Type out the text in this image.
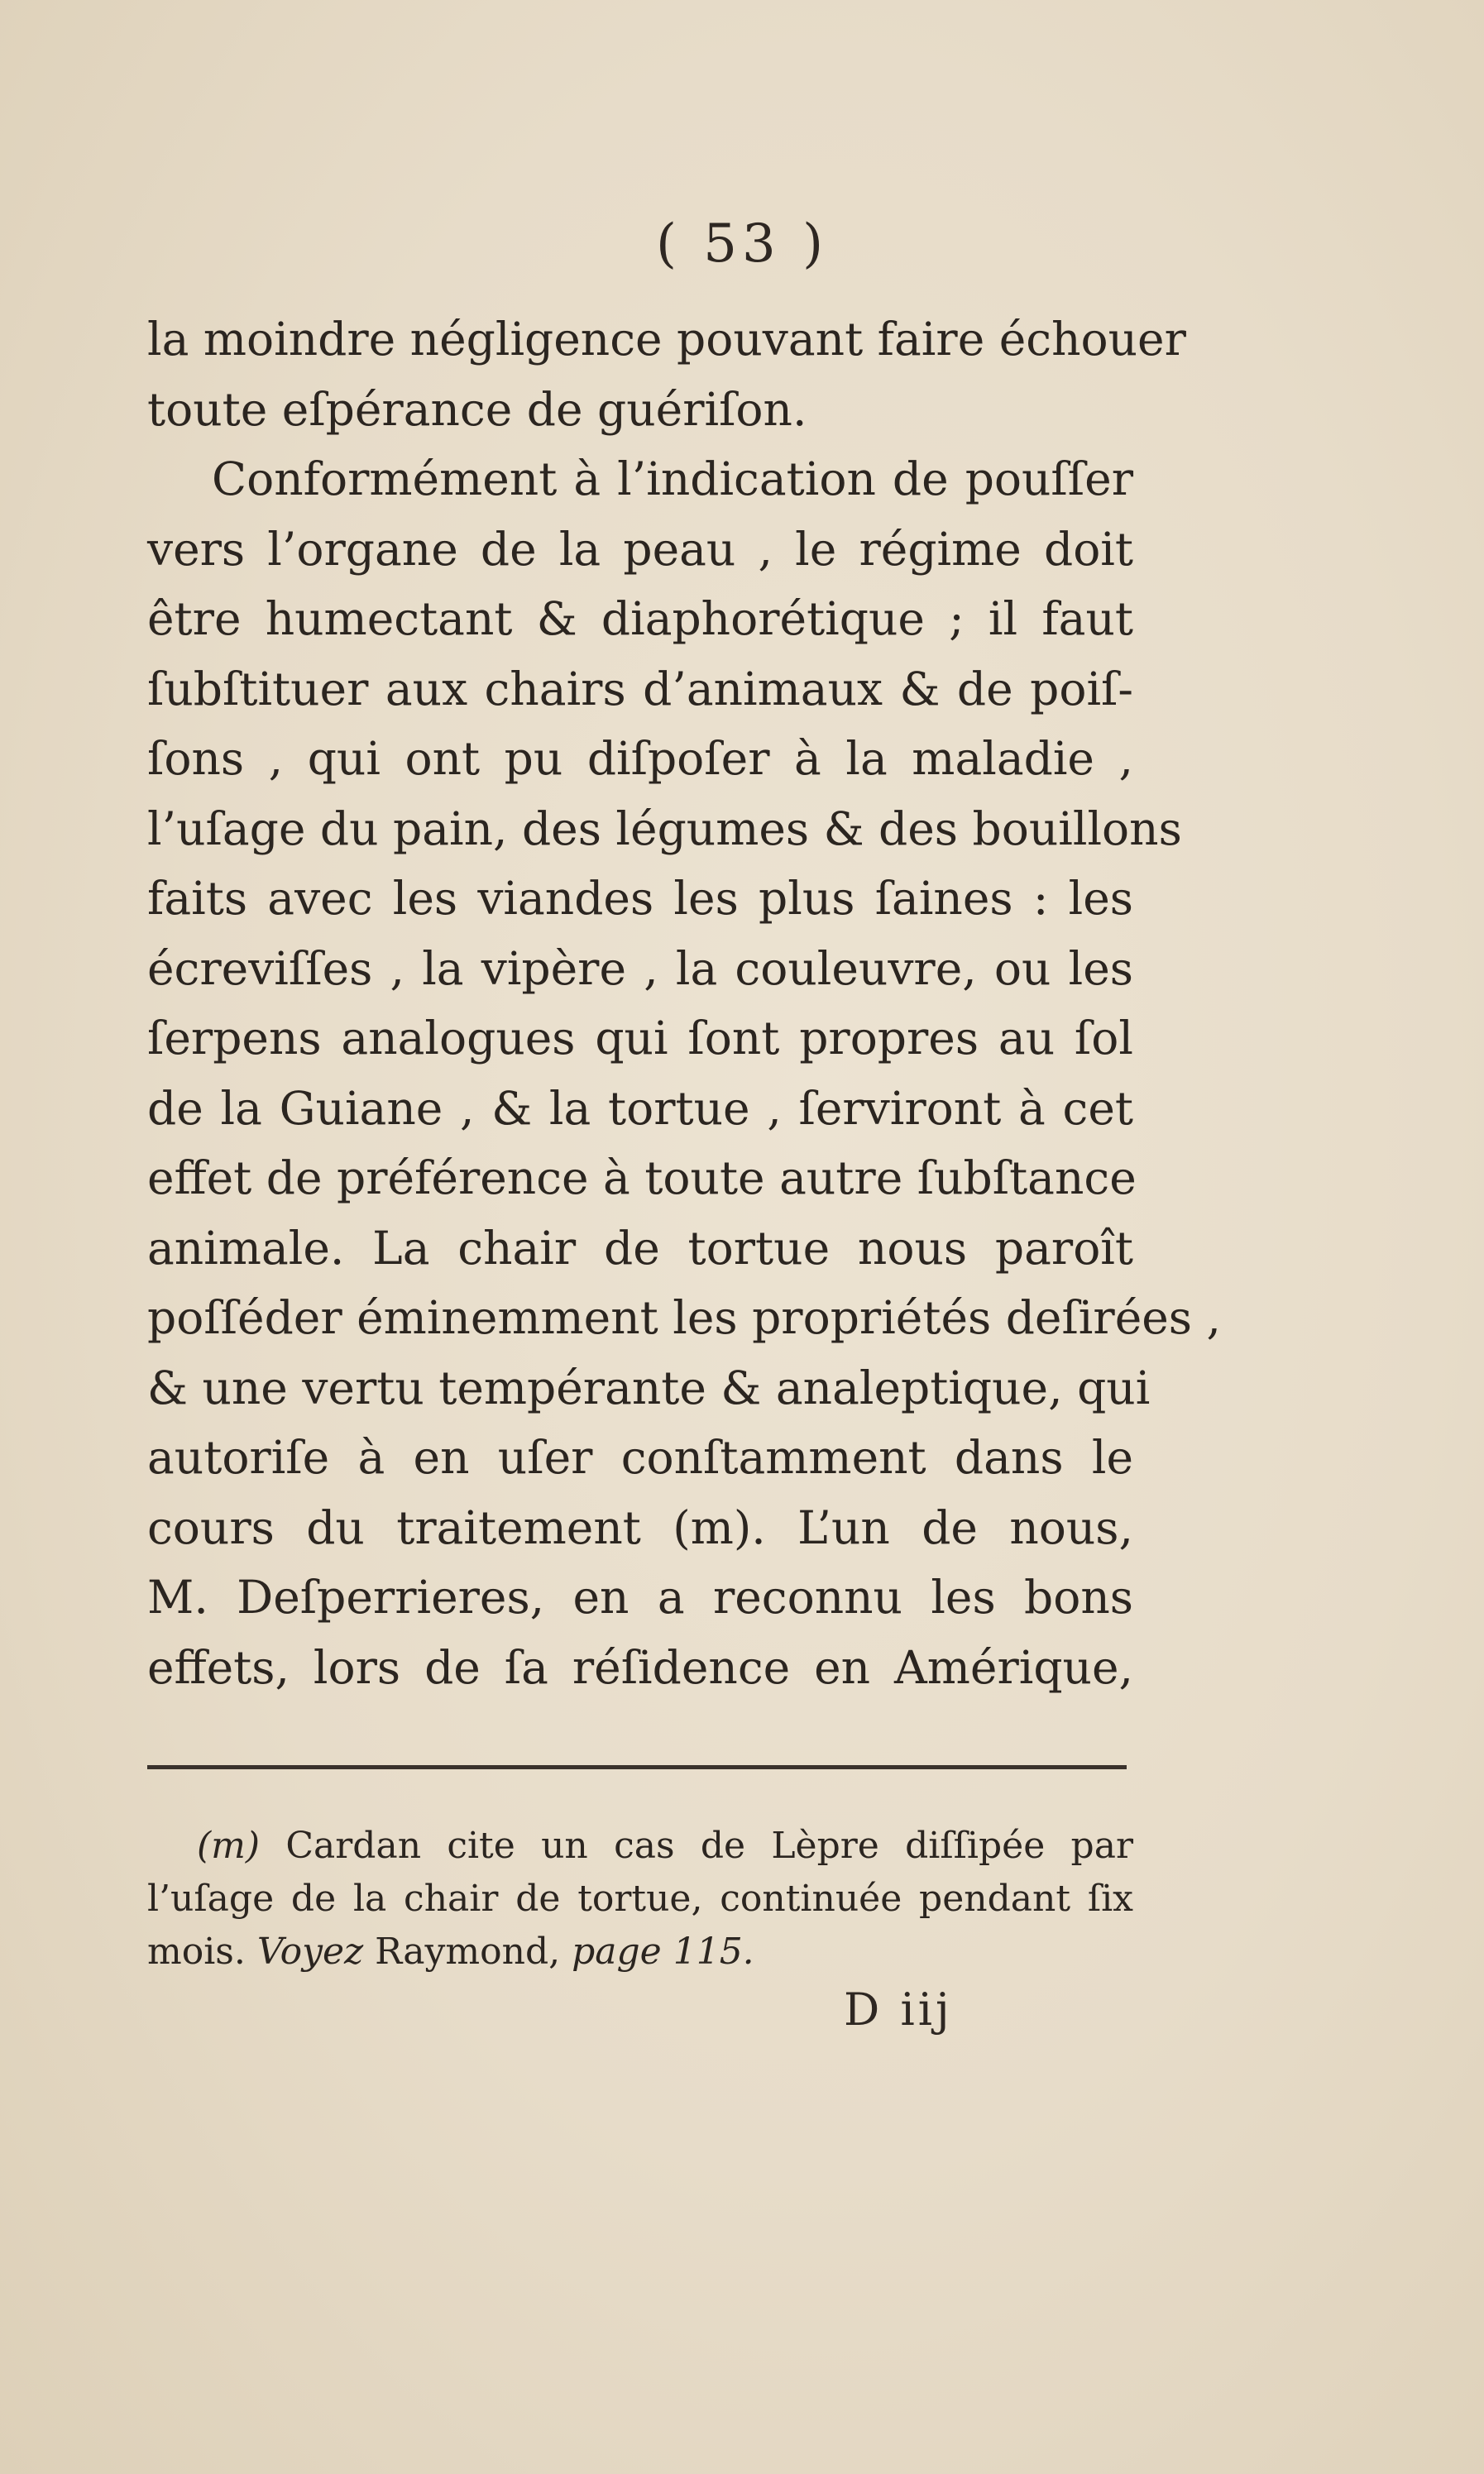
( 53 )
la moindre négligence pouvant faire échouer
toute eſpérance de guériſon.
Conformément à l’indication de pouſſer
vers l’organe de la peau , le régime doit
être humectant & diaphorétique ; il faut
ſubſtituer aux chairs d’animaux & de poiſ-
ſons , qui ont pu diſpoſer à la maladie ,
l’uſage du pain, des légumes & des bouillons
faits avec les viandes les plus ſaines : les
écreviſſes , la vipère , la couleuvre, ou les
ſerpens analogues qui ſont propres au ſol
de la Guiane , & la tortue , ſerviront à cet
effet de préférence à toute autre ſubſtance
animale. La chair de tortue nous paroît
poſſéder éminemment les propriétés deſirées ,
& une vertu tempérante & analeptique, qui
autoriſe à en uſer conſtamment dans le
cours du traitement (m). L’un de nous,
M. Deſperrieres, en a reconnu les bons
effets, lors de ſa réſidence en Amérique,
(m) Cardan cite un cas de Lèpre diſſipée par
l’uſage de la chair de tortue, continuée pendant ſix
mois. Voyez Raymond, page 115.
D iij
